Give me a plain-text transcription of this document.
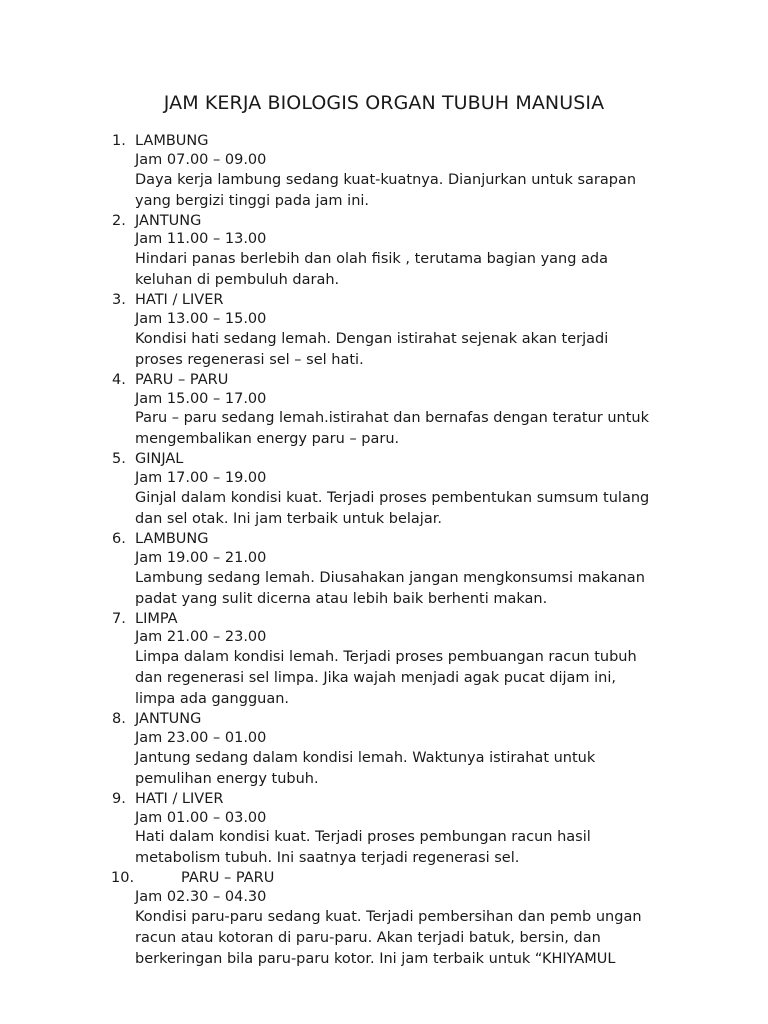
JAM KERJA BIOLOGIS ORGAN TUBUH MANUSIA
1. LAMBUNG
Jam 07.00 – 09.00
Daya kerja lambung sedang kuat-kuatnya. Dianjurkan untuk sarapan
yang bergizi tinggi pada jam ini.
2. JANTUNG
Jam 11.00 – 13.00
Hindari panas berlebih dan olah fisik , terutama bagian yang ada
keluhan di pembuluh darah.
3. HATI / LIVER
Jam 13.00 – 15.00
Kondisi hati sedang lemah. Dengan istirahat sejenak akan terjadi
proses regenerasi sel – sel hati.
4. PARU – PARU
Jam 15.00 – 17.00
Paru – paru sedang lemah.istirahat dan bernafas dengan teratur untuk
mengembalikan energy paru – paru.
5. GINJAL
Jam 17.00 – 19.00
Ginjal dalam kondisi kuat. Terjadi proses pembentukan sumsum tulang
dan sel otak. Ini jam terbaik untuk belajar.
6. LAMBUNG
Jam 19.00 – 21.00
Lambung sedang lemah. Diusahakan jangan mengkonsumsi makanan
padat yang sulit dicerna atau lebih baik berhenti makan.
7. LIMPA
Jam 21.00 – 23.00
Limpa dalam kondisi lemah. Terjadi proses pembuangan racun tubuh
dan regenerasi sel limpa. Jika wajah menjadi agak pucat dijam ini,
limpa ada gangguan.
8. JANTUNG
Jam 23.00 – 01.00
Jantung sedang dalam kondisi lemah. Waktunya istirahat untuk
pemulihan energy tubuh.
9. HATI / LIVER
Jam 01.00 – 03.00
Hati dalam kondisi kuat. Terjadi proses pembungan racun hasil
metabolism tubuh. Ini saatnya terjadi regenerasi sel.
10.	PARU – PARU
Jam 02.30 – 04.30
Kondisi paru-paru sedang kuat. Terjadi pembersihan dan pemb ungan
racun atau kotoran di paru-paru. Akan terjadi batuk, bersin, dan
berkeringan bila paru-paru kotor. Ini jam terbaik untuk “KHIYAMUL
